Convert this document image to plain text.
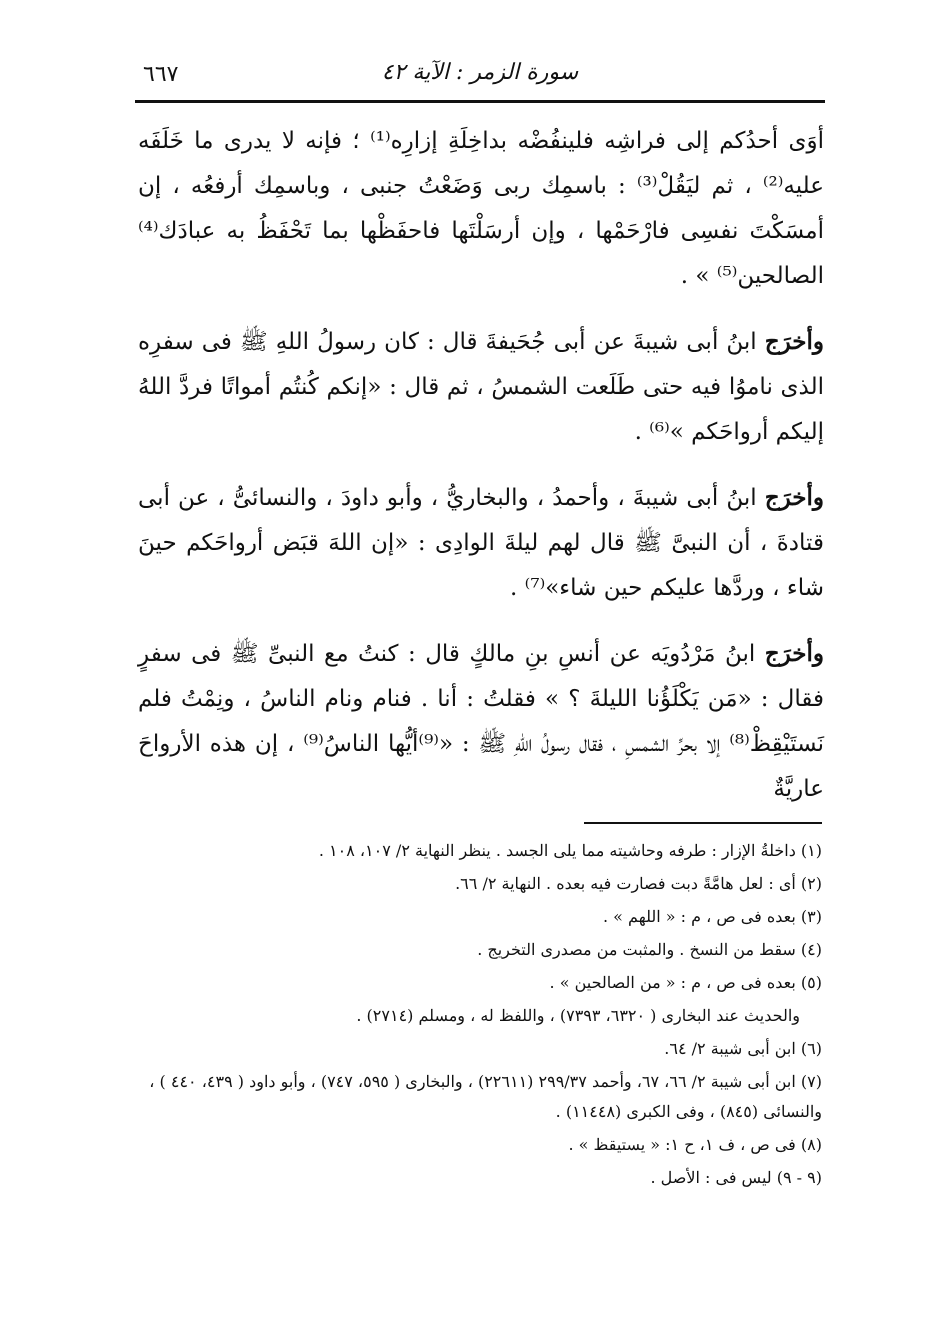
٦٦٧	سورة الزمر : الآية ٤٢

أوَى أحدُكم إلى فراشِه فلينفُضْه بداخِلَةِ إزارِه⁽¹⁾ ؛ فإنه لا يدرى ما خَلَفَه عليه⁽²⁾ ، ثم ليَقُلْ⁽³⁾ : باسمِك ربى وَضَعْتُ جنبى ، وباسمِك أرفعُه ، إن أمسَكْتَ نفسِى فارْحَمْها ، وإن أرسَلْتَها فاحفَظْها بما تَحْفَظُ به عبادَك⁽⁴⁾ الصالحين⁽⁵⁾ » .

وأخرَج ابنُ أبى شيبةَ عن أبى جُحَيفةَ قال : كان رسولُ اللهِ ﷺ فى سفرِه الذى ناموُا فيه حتى طَلَعت الشمسُ ، ثم قال : «إنكم كُنتُم أمواتًا فردَّ اللهُ إليكم أرواحَكم »⁽⁶⁾ .

وأخرَج ابنُ أبى شيبةَ ، وأحمدُ ، والبخاريُّ ، وأبو داودَ ، والنسائىُّ ، عن أبى قتادةَ ، أن النبىَّ ﷺ قال لهم ليلةَ الوادِى : «إن اللهَ قبَض أرواحَكم حينَ شاء ، وردَّها عليكم حين شاء»⁽⁷⁾ .

وأخرَج ابنُ مَرْدُويَه عن أنسِ بنِ مالكٍ قال : كنتُ مع النبىِّ ﷺ فى سفرٍ فقال : «مَن يَكْلَؤُنا الليلةَ ؟ » فقلتُ : أنا . فنام ونام الناسُ ، ونِمْتُ فلم نَستَيْقِظْ⁽⁸⁾ إلا بحرِّ الشمسِ ، فقال رسولُ اللهِ ﷺ : «⁽⁹⁾أيُّها الناسُ⁽⁹⁾ ، إن هذه الأرواحَ عاريَّةٌ

(١) داخلةُ الإزار : طرفه وحاشيته مما يلى الجسد . ينظر النهاية ٢/ ١٠٧، ١٠٨ .

(٢) أى : لعل هامَّةً دبت فصارت فيه بعده . النهاية ٢/ ٦٦.

(٣) بعده فى ص ، م : « اللهم » .

(٤) سقط من النسخ . والمثبت من مصدرى التخريج .

(٥) بعده فى ص ، م : « من الصالحين » .

والحديث عند البخارى ( ٦٣٢٠، ٧٣٩٣) ، واللفظ له ، ومسلم (٢٧١٤) .

(٦) ابن أبى شيبة ٢/ ٦٤.

(٧) ابن أبى شيبة ٢/ ٦٦، ٦٧، وأحمد ٢٩٩/٣٧ (٢٢٦١١) ، والبخارى ( ٥٩٥، ٧٤٧) ، وأبو داود ( ٤٣٩، ٤٤٠ ) ، والنسائى (٨٤٥) ، وفى الكبرى (١١٤٤٨) .

(٨) فى ص ، ف ١، ح ١: « يستيقظ » .

(٩ - ٩) ليس فى : الأصل .
